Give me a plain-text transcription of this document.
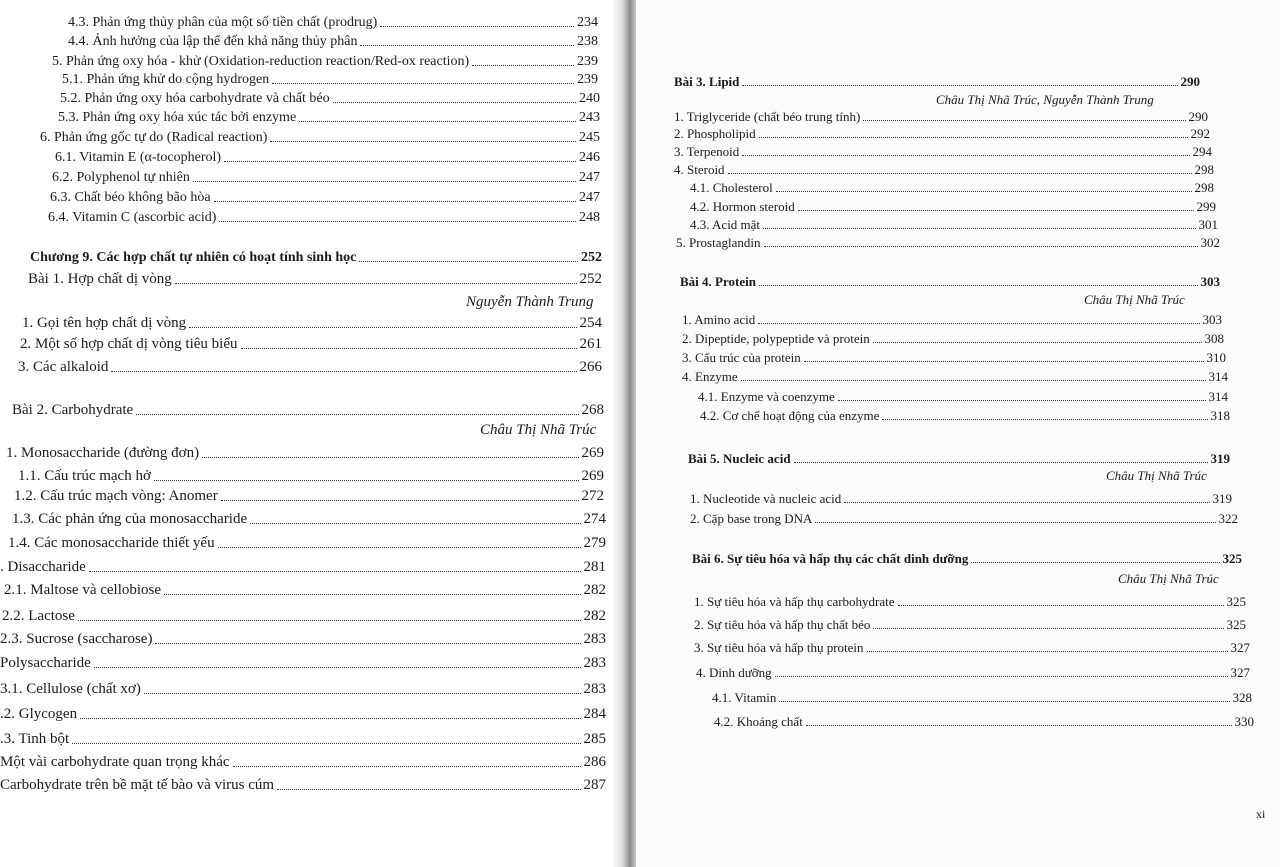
4.3. Phản ứng thủy phân của một số tiền chất (prodrug)	234
4.4. Ảnh hưởng của lập thể đến khả năng thủy phân	238
5. Phản ứng oxy hóa - khử (Oxidation-reduction reaction/Red-ox reaction)	239
5.1. Phản ứng khử do cộng hydrogen	239
5.2. Phản ứng oxy hóa carbohydrate và chất béo	240
5.3. Phản ứng oxy hóa xúc tác bởi enzyme	243
6. Phản ứng gốc tự do (Radical reaction)	245
6.1. Vitamin E (α-tocopherol)	246
6.2. Polyphenol tự nhiên	247
6.3. Chất béo không bão hòa	247
6.4. Vitamin C (ascorbic acid)	248
Chương 9. Các hợp chất tự nhiên có hoạt tính sinh học	252
Bài 1. Hợp chất dị vòng	252
Nguyễn Thành Trung
1. Gọi tên hợp chất dị vòng	254
2. Một số hợp chất dị vòng tiêu biểu	261
3. Các alkaloid	266
Bài 2. Carbohydrate	268
Châu Thị Nhã Trúc
1. Monosaccharide (đường đơn)	269
1.1. Cấu trúc mạch hở	269
1.2. Cấu trúc mạch vòng: Anomer	272
1.3. Các phản ứng của monosaccharide	274
1.4. Các monosaccharide thiết yếu	279
. Disaccharide	281
2.1. Maltose và cellobiose	282
2.2. Lactose	282
2.3. Sucrose (saccharose)	283
Polysaccharide	283
3.1. Cellulose (chất xơ)	283
.2. Glycogen	284
.3. Tinh bột	285
Một vài carbohydrate quan trọng khác	286
Carbohydrate trên bề mặt tế bào và virus cúm	287
Bài 3. Lipid	290
Châu Thị Nhã Trúc, Nguyễn Thành Trung
1. Triglyceride (chất béo trung tính)	290
2. Phospholipid	292
3. Terpenoid	294
4. Steroid	298
4.1. Cholesterol	298
4.2. Hormon steroid	299
4.3. Acid mật	301
5. Prostaglandin	302
Bài 4. Protein	303
Châu Thị Nhã Trúc
1. Amino acid	303
2. Dipeptide, polypeptide và protein	308
3. Cấu trúc của protein	310
4. Enzyme	314
4.1. Enzyme và coenzyme	314
4.2. Cơ chế hoạt động của enzyme	318
Bài 5. Nucleic acid	319
Châu Thị Nhã Trúc
1. Nucleotide và nucleic acid	319
2. Cặp base trong DNA	322
Bài 6. Sự tiêu hóa và hấp thụ các chất dinh dưỡng	325
Châu Thị Nhã Trúc
1. Sự tiêu hóa và hấp thụ carbohydrate	325
2. Sự tiêu hóa và hấp thụ chất béo	325
3. Sự tiêu hóa và hấp thụ protein	327
4. Dinh dưỡng	327
4.1. Vitamin	328
4.2. Khoáng chất	330
xi
